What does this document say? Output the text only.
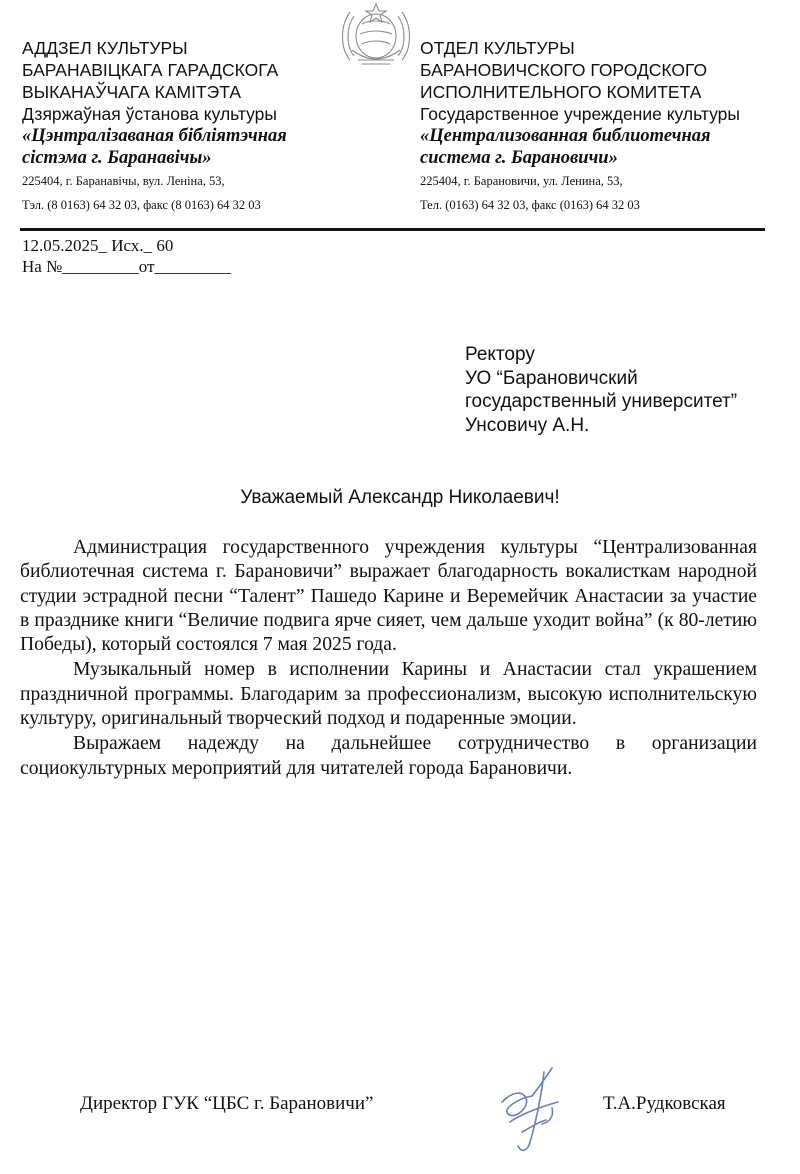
АДДЗЕЛ КУЛЬТУРЫ
БАРАНАВІЦКАГА ГАРАДСКОГА
ВЫКАНАЎЧАГА КАМІТЭТА
Дзяржаўная ўстанова культуры
«Цэнтралізаваная бібліятэчная
сістэма г. Баранавічы»
225404, г. Баранавічы, вул. Леніна, 53,
Тэл. (8 0163) 64 32 03, факс (8 0163) 64 32 03
ОТДЕЛ КУЛЬТУРЫ
БАРАНОВИЧСКОГО ГОРОДСКОГО
ИСПОЛНИТЕЛЬНОГО КОМИТЕТА
Государственное учреждение культуры
«Централизованная библиотечная
система г. Барановичи»
225404, г. Барановичи, ул. Ленина, 53,
Тел. (0163) 64 32 03, факс (0163) 64 32 03
12.05.2025_ Исх._ 60
На №_________от_________
Ректору
УО “Барановичский
государственный университет”
Унсовичу А.Н.
Уважаемый Александр Николаевич!

Администрация государственного учреждения культуры “Централизованная библиотечная система г. Барановичи” выражает благодарность вокалисткам народной студии эстрадной песни “Талент” Пашедо Карине и Веремейчик Анастасии за участие в празднике книги “Величие подвига ярче сияет, чем дальше уходит война” (к 80-летию Победы), который состоялся 7 мая 2025 года.

Музыкальный номер в исполнении Карины и Анастасии стал украшением праздничной программы. Благодарим за профессионализм, высокую исполнительскую культуру, оригинальный творческий подход и подаренные эмоции.

Выражаем надежду на дальнейшее сотрудничество в организации социокультурных мероприятий для читателей города Барановичи.

Директор ГУК “ЦБС г. Барановичи”	Т.А.Рудковская
